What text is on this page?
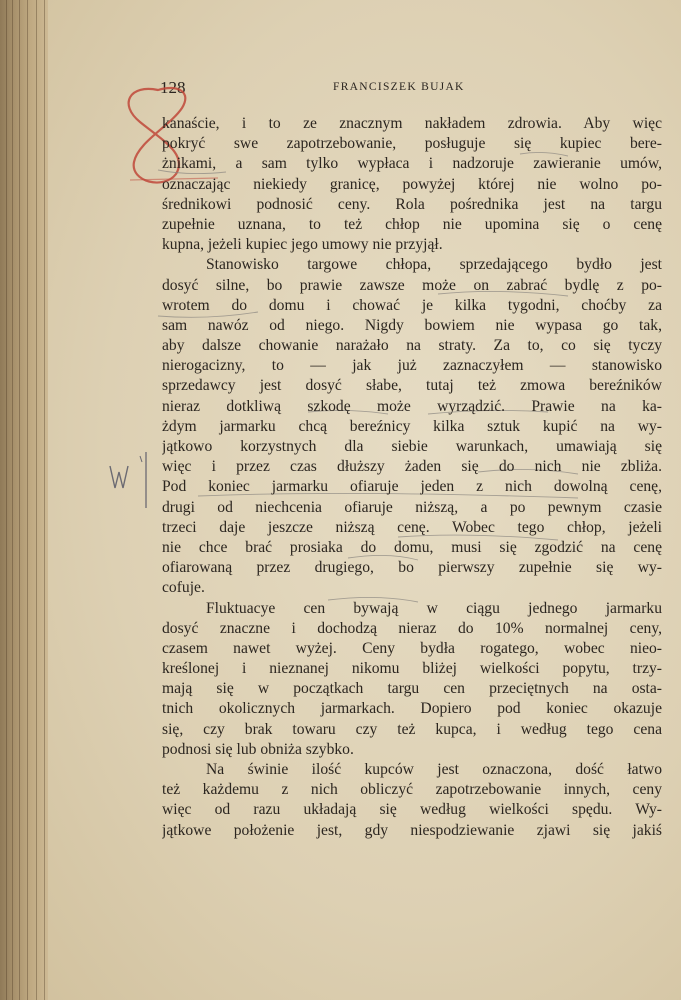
128	FRANCISZEK BUJAK
kanaście, i to ze znacznym nakładem zdrowia. Aby więc
pokryć swe zapotrzebowanie, posługuje się kupiec bere-
żnikami, a sam tylko wypłaca i nadzoruje zawieranie umów,
oznaczając niekiedy granicę, powyżej której nie wolno po-
średnikowi podnosić ceny. Rola pośrednika jest na targu
zupełnie uznana, to też chłop nie upomina się o cenę
kupna, jeżeli kupiec jego umowy nie przyjął.
Stanowisko targowe chłopa, sprzedającego bydło jest
dosyć silne, bo prawie zawsze może on zabrać bydlę z po-
wrotem do domu i chować je kilka tygodni, choćby za
sam nawóz od niego. Nigdy bowiem nie wypasa go tak,
aby dalsze chowanie narażało na straty. Za to, co się tyczy
nierogacizny, to — jak już zaznaczyłem — stanowisko
sprzedawcy jest dosyć słabe, tutaj też zmowa bereźników
nieraz dotkliwą szkodę może wyrządzić. Prawie na ka-
żdym jarmarku chcą bereźnicy kilka sztuk kupić na wy-
jątkowo korzystnych dla siebie warunkach, umawiają się
więc i przez czas dłuższy żaden się do nich nie zbliża.
Pod koniec jarmarku ofiaruje jeden z nich dowolną cenę,
drugi od niechcenia ofiaruje niższą, a po pewnym czasie
trzeci daje jeszcze niższą cenę. Wobec tego chłop, jeżeli
nie chce brać prosiaka do domu, musi się zgodzić na cenę
ofiarowaną przez drugiego, bo pierwszy zupełnie się wy-
cofuje.
Fluktuacye cen bywają w ciągu jednego jarmarku
dosyć znaczne i dochodzą nieraz do 10% normalnej ceny,
czasem nawet wyżej. Ceny bydła rogatego, wobec nieo-
kreślonej i nieznanej nikomu bliżej wielkości popytu, trzy-
mają się w początkach targu cen przeciętnych na osta-
tnich okolicznych jarmarkach. Dopiero pod koniec okazuje
się, czy brak towaru czy też kupca, i według tego cena
podnosi się lub obniża szybko.
Na świnie ilość kupców jest oznaczona, dość łatwo
też każdemu z nich obliczyć zapotrzebowanie innych, ceny
więc od razu układają się według wielkości spędu. Wy-
jątkowe położenie jest, gdy niespodziewanie zjawi się jakiś
